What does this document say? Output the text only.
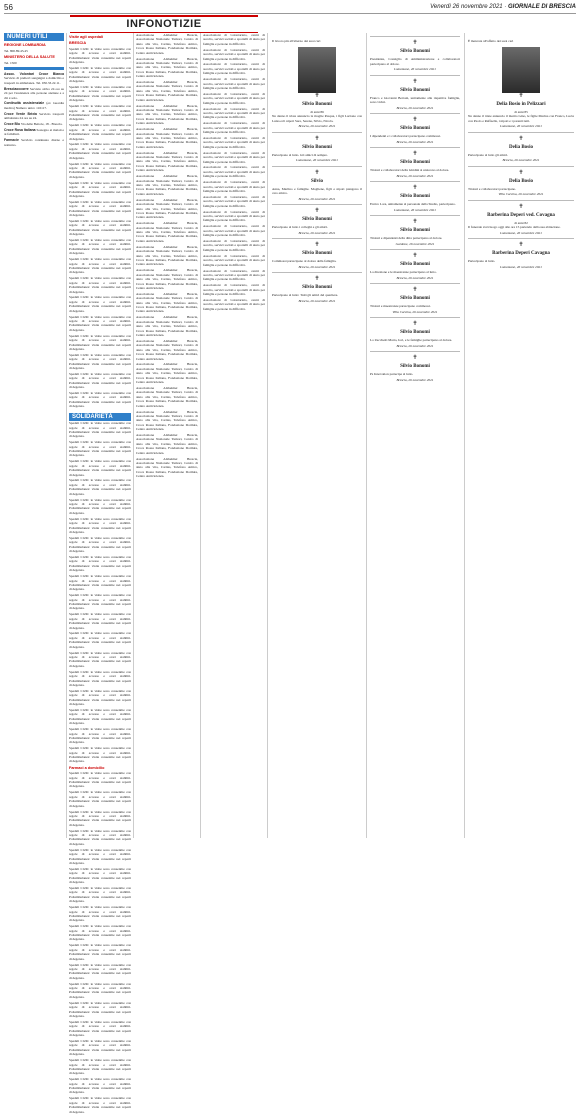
56	Venerdì 26 novembre 2021 · GIORNALE DI BRESCIA
INFONOTIZIE
NUMERI UTILI
REGIONE LOMBARDIA

Tel. 800.89.45.45

MINISTERO DELLA SALUTE

Tel. 1500

Assoc. Volontari Croce Bianca Servizio di prelievi sanguigni a domicilio e trasporti in ambulanza. Tel. 030.33.22.11.

Bresciaoccorre Servizio attivo 24 ore su 24 per l'assistenza alle persone anziane e a chi è solo.

Continuità assistenziale (ex Guardia medica) Numero unico 116117.

Croce Verde Brixia Servizio trasporti ambulanza 24 ore su 24.

Croce Blu Via delle Bettole, 18 - Brescia.

Croce Rosa Italiana Sostegno ai malati e ai familiari.

Farmacie Servizio continuato diurno e notturno.

Visite agli ospedali
BRESCIA

Spedali Civili: le visite sono consentite con regole di accesso e orari stabiliti. Poliambulanza: visite consentite nei reparti di degenza.

Spedali Civili: le visite sono consentite con regole di accesso e orari stabiliti. Poliambulanza: visite consentite nei reparti di degenza.

Spedali Civili: le visite sono consentite con regole di accesso e orari stabiliti. Poliambulanza: visite consentite nei reparti di degenza.

Spedali Civili: le visite sono consentite con regole di accesso e orari stabiliti. Poliambulanza: visite consentite nei reparti di degenza.

Spedali Civili: le visite sono consentite con regole di accesso e orari stabiliti. Poliambulanza: visite consentite nei reparti di degenza.

Spedali Civili: le visite sono consentite con regole di accesso e orari stabiliti. Poliambulanza: visite consentite nei reparti di degenza.

Spedali Civili: le visite sono consentite con regole di accesso e orari stabiliti. Poliambulanza: visite consentite nei reparti di degenza.

Spedali Civili: le visite sono consentite con regole di accesso e orari stabiliti. Poliambulanza: visite consentite nei reparti di degenza.

Spedali Civili: le visite sono consentite con regole di accesso e orari stabiliti. Poliambulanza: visite consentite nei reparti di degenza.

Spedali Civili: le visite sono consentite con regole di accesso e orari stabiliti. Poliambulanza: visite consentite nei reparti di degenza.

Spedali Civili: le visite sono consentite con regole di accesso e orari stabiliti. Poliambulanza: visite consentite nei reparti di degenza.

Spedali Civili: le visite sono consentite con regole di accesso e orari stabiliti. Poliambulanza: visite consentite nei reparti di degenza.

Spedali Civili: le visite sono consentite con regole di accesso e orari stabiliti. Poliambulanza: visite consentite nei reparti di degenza.

Spedali Civili: le visite sono consentite con regole di accesso e orari stabiliti. Poliambulanza: visite consentite nei reparti di degenza.

Spedali Civili: le visite sono consentite con regole di accesso e orari stabiliti. Poliambulanza: visite consentite nei reparti di degenza.

Spedali Civili: le visite sono consentite con regole di accesso e orari stabiliti. Poliambulanza: visite consentite nei reparti di degenza.

Spedali Civili: le visite sono consentite con regole di accesso e orari stabiliti. Poliambulanza: visite consentite nei reparti di degenza.

Spedali Civili: le visite sono consentite con regole di accesso e orari stabiliti. Poliambulanza: visite consentite nei reparti di degenza.

Spedali Civili: le visite sono consentite con regole di accesso e orari stabiliti. Poliambulanza: visite consentite nei reparti di degenza.

SOLIDARIETÀ

Spedali Civili: le visite sono consentite con regole di accesso e orari stabiliti. Poliambulanza: visite consentite nei reparti di degenza.

Spedali Civili: le visite sono consentite con regole di accesso e orari stabiliti. Poliambulanza: visite consentite nei reparti di degenza.

Spedali Civili: le visite sono consentite con regole di accesso e orari stabiliti. Poliambulanza: visite consentite nei reparti di degenza.

Spedali Civili: le visite sono consentite con regole di accesso e orari stabiliti. Poliambulanza: visite consentite nei reparti di degenza.

Spedali Civili: le visite sono consentite con regole di accesso e orari stabiliti. Poliambulanza: visite consentite nei reparti di degenza.

Spedali Civili: le visite sono consentite con regole di accesso e orari stabiliti. Poliambulanza: visite consentite nei reparti di degenza.

Spedali Civili: le visite sono consentite con regole di accesso e orari stabiliti. Poliambulanza: visite consentite nei reparti di degenza.

Spedali Civili: le visite sono consentite con regole di accesso e orari stabiliti. Poliambulanza: visite consentite nei reparti di degenza.

Spedali Civili: le visite sono consentite con regole di accesso e orari stabiliti. Poliambulanza: visite consentite nei reparti di degenza.

Spedali Civili: le visite sono consentite con regole di accesso e orari stabiliti. Poliambulanza: visite consentite nei reparti di degenza.

Spedali Civili: le visite sono consentite con regole di accesso e orari stabiliti. Poliambulanza: visite consentite nei reparti di degenza.

Spedali Civili: le visite sono consentite con regole di accesso e orari stabiliti. Poliambulanza: visite consentite nei reparti di degenza.

Spedali Civili: le visite sono consentite con regole di accesso e orari stabiliti. Poliambulanza: visite consentite nei reparti di degenza.

Spedali Civili: le visite sono consentite con regole di accesso e orari stabiliti. Poliambulanza: visite consentite nei reparti di degenza.

Spedali Civili: le visite sono consentite con regole di accesso e orari stabiliti. Poliambulanza: visite consentite nei reparti di degenza.

Spedali Civili: le visite sono consentite con regole di accesso e orari stabiliti. Poliambulanza: visite consentite nei reparti di degenza.

Spedali Civili: le visite sono consentite con regole di accesso e orari stabiliti. Poliambulanza: visite consentite nei reparti di degenza.

Spedali Civili: le visite sono consentite con regole di accesso e orari stabiliti. Poliambulanza: visite consentite nei reparti di degenza.

Farmaci a domicilio

Spedali Civili: le visite sono consentite con regole di accesso e orari stabiliti. Poliambulanza: visite consentite nei reparti di degenza.

Spedali Civili: le visite sono consentite con regole di accesso e orari stabiliti. Poliambulanza: visite consentite nei reparti di degenza.

Spedali Civili: le visite sono consentite con regole di accesso e orari stabiliti. Poliambulanza: visite consentite nei reparti di degenza.

Spedali Civili: le visite sono consentite con regole di accesso e orari stabiliti. Poliambulanza: visite consentite nei reparti di degenza.

Spedali Civili: le visite sono consentite con regole di accesso e orari stabiliti. Poliambulanza: visite consentite nei reparti di degenza.

Spedali Civili: le visite sono consentite con regole di accesso e orari stabiliti. Poliambulanza: visite consentite nei reparti di degenza.

Spedali Civili: le visite sono consentite con regole di accesso e orari stabiliti. Poliambulanza: visite consentite nei reparti di degenza.

Spedali Civili: le visite sono consentite con regole di accesso e orari stabiliti. Poliambulanza: visite consentite nei reparti di degenza.

Spedali Civili: le visite sono consentite con regole di accesso e orari stabiliti. Poliambulanza: visite consentite nei reparti di degenza.

Spedali Civili: le visite sono consentite con regole di accesso e orari stabiliti. Poliambulanza: visite consentite nei reparti di degenza.

Spedali Civili: le visite sono consentite con regole di accesso e orari stabiliti. Poliambulanza: visite consentite nei reparti di degenza.

Spedali Civili: le visite sono consentite con regole di accesso e orari stabiliti. Poliambulanza: visite consentite nei reparti di degenza.

Spedali Civili: le visite sono consentite con regole di accesso e orari stabiliti. Poliambulanza: visite consentite nei reparti di degenza.

Spedali Civili: le visite sono consentite con regole di accesso e orari stabiliti. Poliambulanza: visite consentite nei reparti di degenza.

Spedali Civili: le visite sono consentite con regole di accesso e orari stabiliti. Poliambulanza: visite consentite nei reparti di degenza.

Spedali Civili: le visite sono consentite con regole di accesso e orari stabiliti. Poliambulanza: visite consentite nei reparti di degenza.

Spedali Civili: le visite sono consentite con regole di accesso e orari stabiliti. Poliambulanza: visite consentite nei reparti di degenza.

Spedali Civili: le visite sono consentite con regole di accesso e orari stabiliti. Poliambulanza: visite consentite nei reparti di degenza.

Associazione Alzheimer Brescia, Associazione Nazionale Tumori, Centro di aiuto alla vita, Caritas, Telefono Amico, Croce Rossa Italiana, Fondazione Dormire, Centro Antiviolenza.

Associazione Alzheimer Brescia, Associazione Nazionale Tumori, Centro di aiuto alla vita, Caritas, Telefono Amico, Croce Rossa Italiana, Fondazione Dormire, Centro Antiviolenza.

Associazione Alzheimer Brescia, Associazione Nazionale Tumori, Centro di aiuto alla vita, Caritas, Telefono Amico, Croce Rossa Italiana, Fondazione Dormire, Centro Antiviolenza.

Associazione Alzheimer Brescia, Associazione Nazionale Tumori, Centro di aiuto alla vita, Caritas, Telefono Amico, Croce Rossa Italiana, Fondazione Dormire, Centro Antiviolenza.

Associazione Alzheimer Brescia, Associazione Nazionale Tumori, Centro di aiuto alla vita, Caritas, Telefono Amico, Croce Rossa Italiana, Fondazione Dormire, Centro Antiviolenza.

Associazione Alzheimer Brescia, Associazione Nazionale Tumori, Centro di aiuto alla vita, Caritas, Telefono Amico, Croce Rossa Italiana, Fondazione Dormire, Centro Antiviolenza.

Associazione Alzheimer Brescia, Associazione Nazionale Tumori, Centro di aiuto alla vita, Caritas, Telefono Amico, Croce Rossa Italiana, Fondazione Dormire, Centro Antiviolenza.

Associazione Alzheimer Brescia, Associazione Nazionale Tumori, Centro di aiuto alla vita, Caritas, Telefono Amico, Croce Rossa Italiana, Fondazione Dormire, Centro Antiviolenza.

Associazione Alzheimer Brescia, Associazione Nazionale Tumori, Centro di aiuto alla vita, Caritas, Telefono Amico, Croce Rossa Italiana, Fondazione Dormire, Centro Antiviolenza.

Associazione Alzheimer Brescia, Associazione Nazionale Tumori, Centro di aiuto alla vita, Caritas, Telefono Amico, Croce Rossa Italiana, Fondazione Dormire, Centro Antiviolenza.

Associazione Alzheimer Brescia, Associazione Nazionale Tumori, Centro di aiuto alla vita, Caritas, Telefono Amico, Croce Rossa Italiana, Fondazione Dormire, Centro Antiviolenza.

Associazione Alzheimer Brescia, Associazione Nazionale Tumori, Centro di aiuto alla vita, Caritas, Telefono Amico, Croce Rossa Italiana, Fondazione Dormire, Centro Antiviolenza.

Associazione Alzheimer Brescia, Associazione Nazionale Tumori, Centro di aiuto alla vita, Caritas, Telefono Amico, Croce Rossa Italiana, Fondazione Dormire, Centro Antiviolenza.

Associazione Alzheimer Brescia, Associazione Nazionale Tumori, Centro di aiuto alla vita, Caritas, Telefono Amico, Croce Rossa Italiana, Fondazione Dormire, Centro Antiviolenza.

Associazione Alzheimer Brescia, Associazione Nazionale Tumori, Centro di aiuto alla vita, Caritas, Telefono Amico, Croce Rossa Italiana, Fondazione Dormire, Centro Antiviolenza.

Associazione Alzheimer Brescia, Associazione Nazionale Tumori, Centro di aiuto alla vita, Caritas, Telefono Amico, Croce Rossa Italiana, Fondazione Dormire, Centro Antiviolenza.

Associazione Alzheimer Brescia, Associazione Nazionale Tumori, Centro di aiuto alla vita, Caritas, Telefono Amico, Croce Rossa Italiana, Fondazione Dormire, Centro Antiviolenza.

Associazione Alzheimer Brescia, Associazione Nazionale Tumori, Centro di aiuto alla vita, Caritas, Telefono Amico, Croce Rossa Italiana, Fondazione Dormire, Centro Antiviolenza.

Associazione Alzheimer Brescia, Associazione Nazionale Tumori, Centro di aiuto alla vita, Caritas, Telefono Amico, Croce Rossa Italiana, Fondazione Dormire, Centro Antiviolenza.

Associazioni di volontariato, centri di ascolto, servizi sociali e sportelli di aiuto per famiglie e persone in difficoltà.

Associazioni di volontariato, centri di ascolto, servizi sociali e sportelli di aiuto per famiglie e persone in difficoltà.

Associazioni di volontariato, centri di ascolto, servizi sociali e sportelli di aiuto per famiglie e persone in difficoltà.

Associazioni di volontariato, centri di ascolto, servizi sociali e sportelli di aiuto per famiglie e persone in difficoltà.

Associazioni di volontariato, centri di ascolto, servizi sociali e sportelli di aiuto per famiglie e persone in difficoltà.

Associazioni di volontariato, centri di ascolto, servizi sociali e sportelli di aiuto per famiglie e persone in difficoltà.

Associazioni di volontariato, centri di ascolto, servizi sociali e sportelli di aiuto per famiglie e persone in difficoltà.

Associazioni di volontariato, centri di ascolto, servizi sociali e sportelli di aiuto per famiglie e persone in difficoltà.

Associazioni di volontariato, centri di ascolto, servizi sociali e sportelli di aiuto per famiglie e persone in difficoltà.

Associazioni di volontariato, centri di ascolto, servizi sociali e sportelli di aiuto per famiglie e persone in difficoltà.

Associazioni di volontariato, centri di ascolto, servizi sociali e sportelli di aiuto per famiglie e persone in difficoltà.

Associazioni di volontariato, centri di ascolto, servizi sociali e sportelli di aiuto per famiglie e persone in difficoltà.

Associazioni di volontariato, centri di ascolto, servizi sociali e sportelli di aiuto per famiglie e persone in difficoltà.

Associazioni di volontariato, centri di ascolto, servizi sociali e sportelli di aiuto per famiglie e persone in difficoltà.

Associazioni di volontariato, centri di ascolto, servizi sociali e sportelli di aiuto per famiglie e persone in difficoltà.

Associazioni di volontariato, centri di ascolto, servizi sociali e sportelli di aiuto per famiglie e persone in difficoltà.

Associazioni di volontariato, centri di ascolto, servizi sociali e sportelli di aiuto per famiglie e persone in difficoltà.

Associazioni di volontariato, centri di ascolto, servizi sociali e sportelli di aiuto per famiglie e persone in difficoltà.

Associazioni di volontariato, centri di ascolto, servizi sociali e sportelli di aiuto per famiglie e persone in difficoltà.

Il lavoro più all'alterno dei suoi cari
✝
Silvio Bonomi
di anni 86
Ne danno il triste annuncio la moglie Pasqua, i figli Luciano con Luisa ed i nipoti Sara, Serena, Silvio, Nicola.
Brescia, 26 novembre 2021
✝
Silvio Bonomi
Partecipano al lutto. Gli amici di sempre.
Lumezzane, 26 novembre 2021
✝
Silvio
Anna, Martino e famiglie. Mogliene, figli e nipoti piangono il caro amico.
Brescia, 26 novembre 2021
✝
Silvio Bonomi
Partecipano al lutto i colleghi e gli amici.
Brescia, 26 novembre 2021
✝
Silvio Bonomi
Commossi partecipano al dolore della famiglia.
Brescia, 26 novembre 2021
✝
Silvio Bonomi
Partecipano al lutto: Tutti gli amici del quartiere.
Brescia, 26 novembre 2021
✝
Silvio Bonomi
Presidente, Consiglio di Amministrazione e collaboratori partecipano al dolore.
Lumezzane, 26 novembre 2021
✝
Silvio Bonomi
Franco e Giovanni Bertoni, unitamente alle rispettive famiglie, sono vicini.
Brescia, 26 novembre 2021
✝
Silvio Bonomi
I dipendenti e i collaboratori partecipano commossi.
Brescia, 26 novembre 2021
✝
Silvio Bonomi
Titolari e collaboratori della Ghidini si uniscono al dolore.
Brescia, 26 novembre 2021
✝
Silvio Bonomi
Enrico Lora, unitamente al personale della Studio, partecipano.
Lumezzane, 26 novembre 2021
✝
Silvio Bonomi
Titolari e dipendenti della ditta partecipano al dolore.
Gardone, 26 novembre 2021
✝
Silvio Bonomi
La direzione e le maestranze partecipano al lutto.
Brescia, 26 novembre 2021
✝
Silvio Bonomi
Titolari e maestranze partecipano commossi.
Villa Carcina, 26 novembre 2021
✝
Silvio Bonomi
Lo Zucchetti Mario, Iori, e le famiglie partecipano al dolore.
Brescia, 26 novembre 2021
✝
Silvio Bonomi
Ps Innovation partecipa al lutto.
Brescia, 26 novembre 2021
È mancata all'affetto dei suoi cari
✝
Delia Bosio in Pelizzari
di anni 85
Ne danno il triste annuncio il marito Gino, le figlie Marina con Franco, Lucia con Paolo e Raffaella, i nipoti e i parenti tutti.
Lumezzane, 26 novembre 2021
✝
Delia Bosio
Partecipano al lutto gli amici.
Brescia, 26 novembre 2021
✝
Delia Bosio
Titolari e collaboratori partecipano.
Villa Carcina, 26 novembre 2021
✝
Barberina Deperi ved. Covagna
di anni 82
Il funerale avrà luogo oggi alle ore 15 partendo dalla sua abitazione.
Lumezzane, 26 novembre 2021
✝
Barberina Deperi Cavagna
Partecipano al lutto.
Lumezzane, 26 novembre 2021
